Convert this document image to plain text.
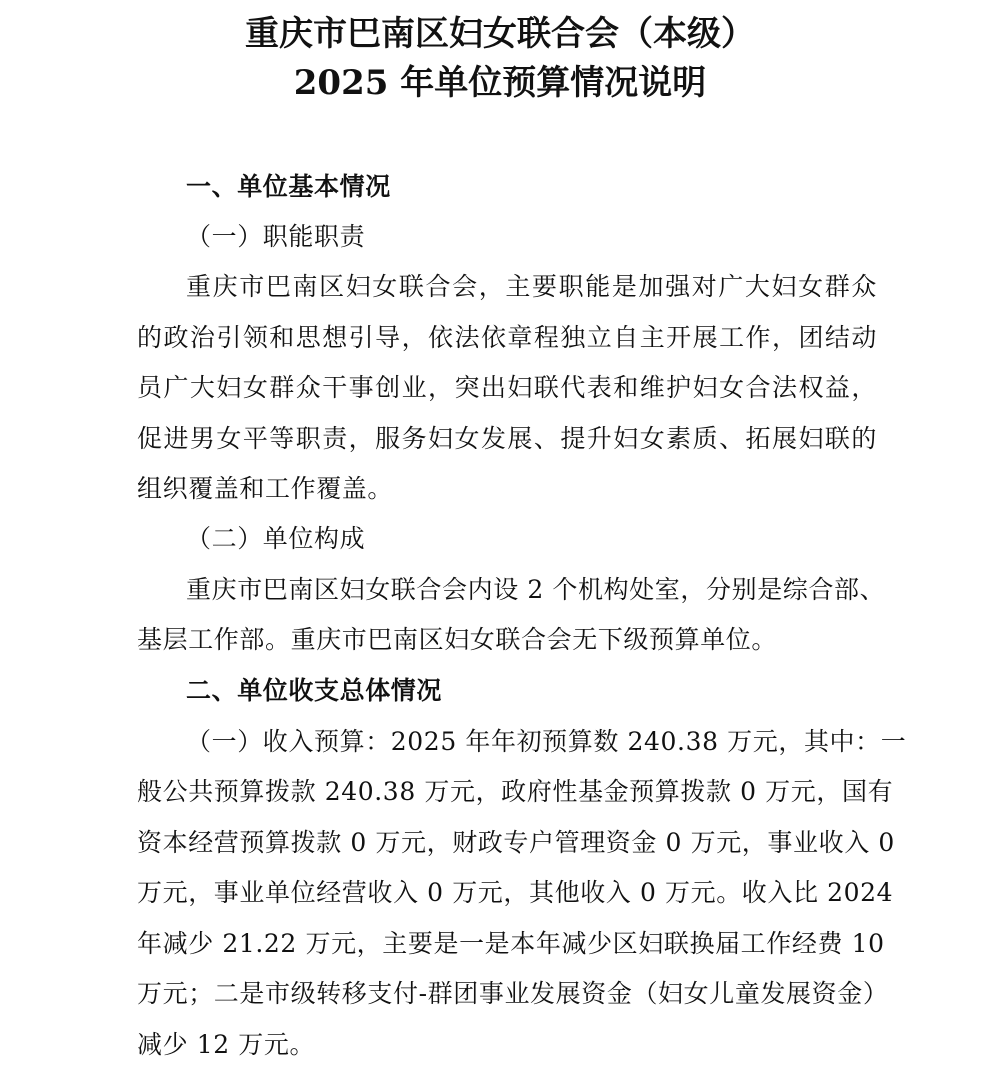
重庆市巴南区妇女联合会（本级）
2025 年单位预算情况说明
一、单位基本情况
（一）职能职责
重庆市巴南区妇女联合会，主要职能是加强对广大妇女群众
的政治引领和思想引导，依法依章程独立自主开展工作，团结动
员广大妇女群众干事创业，突出妇联代表和维护妇女合法权益，
促进男女平等职责，服务妇女发展、提升妇女素质、拓展妇联的
组织覆盖和工作覆盖。
（二）单位构成
重庆市巴南区妇女联合会内设 2 个机构处室，分别是综合部、
基层工作部。重庆市巴南区妇女联合会无下级预算单位。
二、单位收支总体情况
（一）收入预算：2025 年年初预算数 240.38 万元，其中：一
般公共预算拨款 240.38 万元，政府性基金预算拨款 0 万元，国有
资本经营预算拨款 0 万元，财政专户管理资金 0 万元，事业收入 0
万元，事业单位经营收入 0 万元，其他收入 0 万元。收入比 2024
年减少 21.22 万元，主要是一是本年减少区妇联换届工作经费 10
万元；二是市级转移支付-群团事业发展资金（妇女儿童发展资金）
减少 12 万元。
